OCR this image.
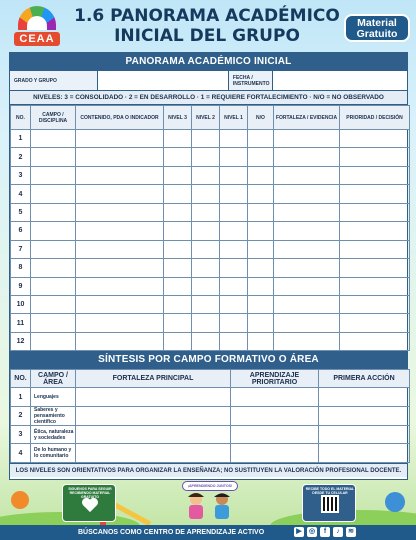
CEAA
1.6 PANORAMA ACADÉMICO
INICIAL DEL GRUPO
Material Gratuito
PANORAMA ACADÉMICO INICIAL
GRADO Y GRUPO	FECHA / INSTRUMENTO
NIVELES: 3 = CONSOLIDADO · 2 = EN DESARROLLO · 1 = REQUIERE FORTALECIMIENTO · N/O = NO OBSERVADO
NO.	CAMPO / DISCIPLINA	CONTENIDO, PDA O INDICADOR	NIVEL 3	NIVEL 2	NIVEL 1	N/O	FORTALEZA / EVIDENCIA	PRIORIDAD / DECISIÓN
1								
2								
3								
4								
5								
6								
7								
8								
9								
10								
11								
12								
SÍNTESIS POR CAMPO FORMATIVO O ÁREA
NO.	CAMPO / ÁREA	FORTALEZA PRINCIPAL	APRENDIZAJE PRIORITARIO	PRIMERA ACCIÓN
1	Lenguajes			
2	Saberes y pensamiento científico			
3	Ética, naturaleza y sociedades			
4	De lo humano y lo comunitario			
LOS NIVELES SON ORIENTATIVOS PARA ORGANIZAR LA ENSEÑANZA; NO SUSTITUYEN LA VALORACIÓN PROFESIONAL DOCENTE.
SIGUENOS PARA SEGUIR RECIBIENDO MATERIAL GRATUITO
¡APRENDIENDO JUNTOS!
RECIBE TODO EL MATERIAL DESDE TU CELULAR
BÚSCANOS COMO CENTRO DE APRENDIZAJE ACTIVO	▶	◎	f	♪	≋
